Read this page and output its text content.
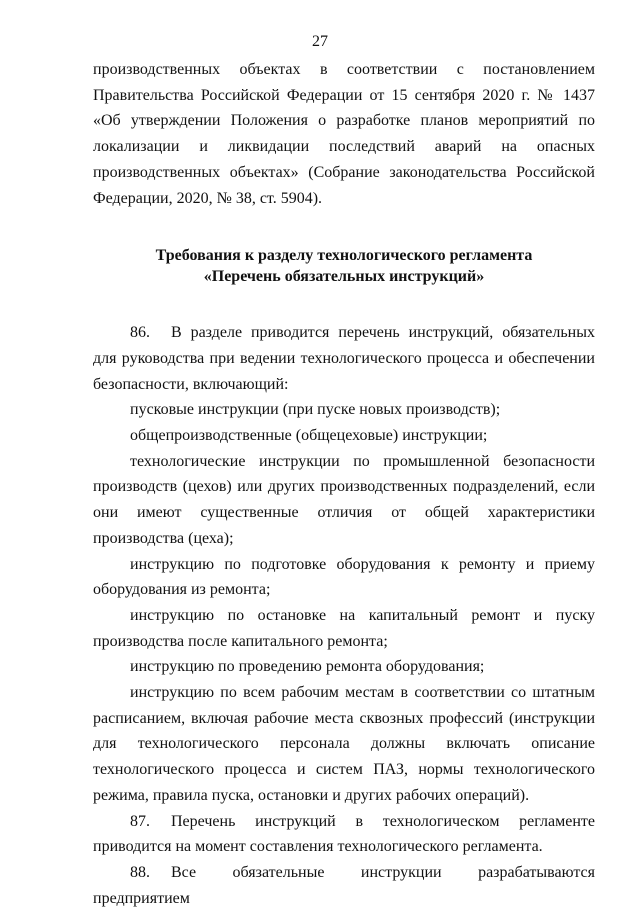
27

производственных объектах в соответствии с постановлением Правительства Российской Федерации от 15 сентября 2020 г. № 1437 «Об утверждении Положения о разработке планов мероприятий по локализации и ликвидации последствий аварий на опасных производственных объектах» (Собрание законодательства Российской Федерации, 2020, № 38, ст. 5904).

Требования к разделу технологического регламента
«Перечень обязательных инструкций»

86. В разделе приводится перечень инструкций, обязательных для руководства при ведении технологического процесса и обеспечении безопасности, включающий:

пусковые инструкции (при пуске новых производств);

общепроизводственные (общецеховые) инструкции;

технологические инструкции по промышленной безопасности производств (цехов) или других производственных подразделений, если они имеют существенные отличия от общей характеристики производства (цеха);

инструкцию по подготовке оборудования к ремонту и приему оборудования из ремонта;

инструкцию по остановке на капитальный ремонт и пуску производства после капитального ремонта;

инструкцию по проведению ремонта оборудования;

инструкцию по всем рабочим местам в соответствии со штатным расписанием, включая рабочие места сквозных профессий (инструкции для технологического персонала должны включать описание технологического процесса и систем ПАЗ, нормы технологического режима, правила пуска, остановки и других рабочих операций).

87. Перечень инструкций в технологическом регламенте приводится на момент составления технологического регламента.

88. Все обязательные инструкции разрабатываются предприятием
